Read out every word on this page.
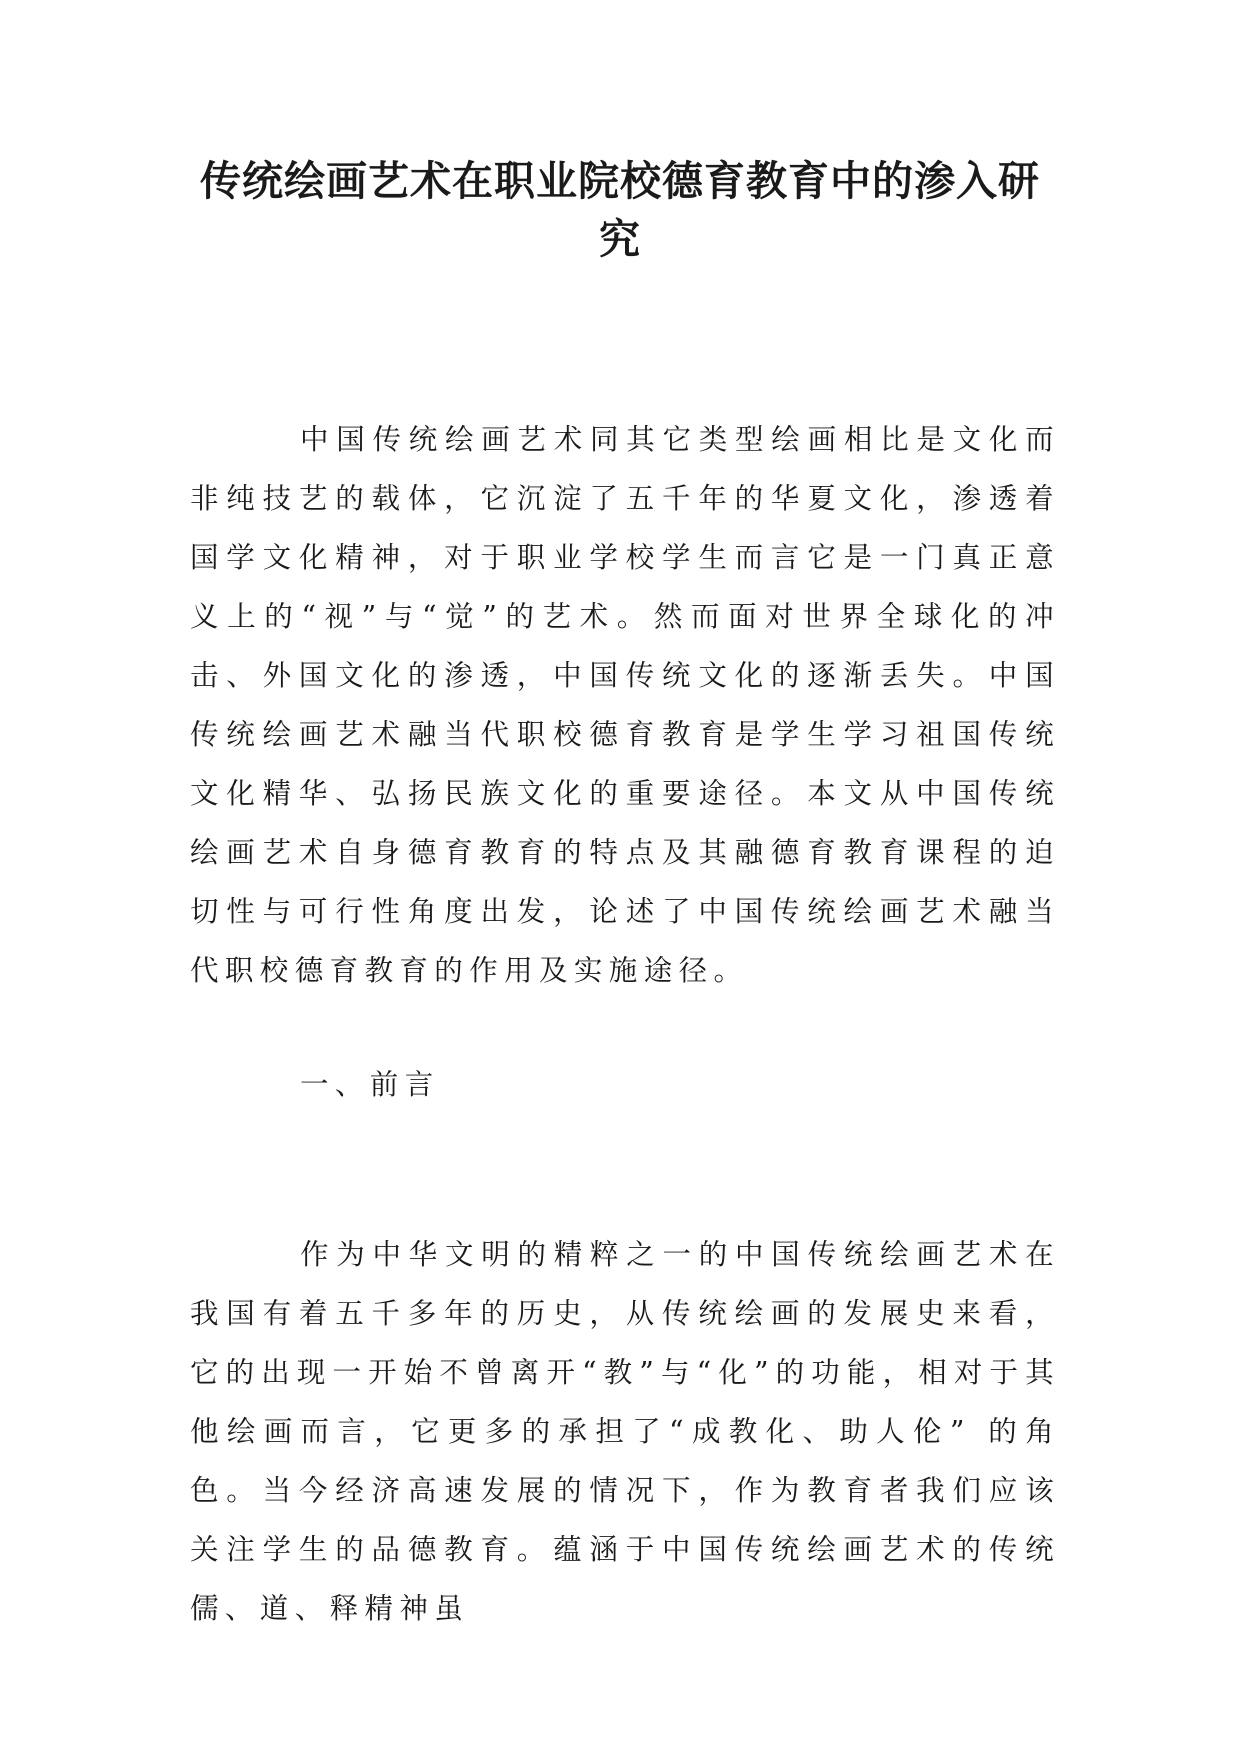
传统绘画艺术在职业院校德育教育中的渗入研究

中国传统绘画艺术同其它类型绘画相比是文化而非纯技艺的载体，它沉淀了五千年的华夏文化，渗透着国学文化精神，对于职业学校学生而言它是一门真正意义上的“视”与“觉”的艺术。然而面对世界全球化的冲击、外国文化的渗透，中国传统文化的逐渐丢失。中国传统绘画艺术融当代职校德育教育是学生学习祖国传统文化精华、弘扬民族文化的重要途径。本文从中国传统绘画艺术自身德育教育的特点及其融德育教育课程的迫切性与可行性角度出发，论述了中国传统绘画艺术融当代职校德育教育的作用及实施途径。

一、前言

作为中华文明的精粹之一的中国传统绘画艺术在我国有着五千多年的历史，从传统绘画的发展史来看，它的出现一开始不曾离开“教”与“化”的功能，相对于其他绘画而言，它更多的承担了“成教化、助人伦” 的角色。当今经济高速发展的情况下，作为教育者我们应该关注学生的品德教育。蕴涵于中国传统绘画艺术的传统儒、道、释精神虽
